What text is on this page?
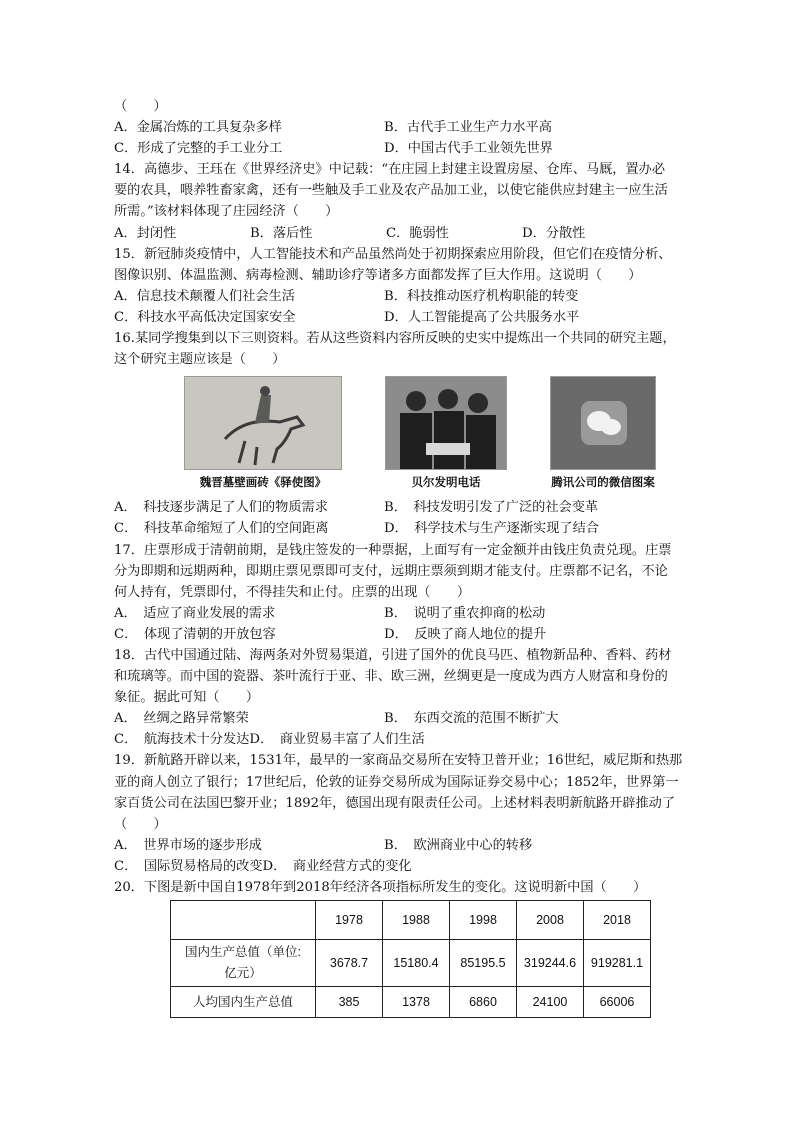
（　　）
A．金属冶炼的工具复杂多样	B．古代手工业生产力水平高
C．形成了完整的手工业分工	D．中国古代手工业领先世界
14．高德步、王珏在《世界经济史》中记载：“在庄园上封建主设置房屋、仓库、马厩，置办必
要的农具，喂养牲畜家禽，还有一些触及手工业及农产品加工业，以使它能供应封建主一应生活
所需。”该材料体现了庄园经济（　　）
A．封闭性	B．落后性	C．脆弱性	D．分散性
15．新冠肺炎疫情中，人工智能技术和产品虽然尚处于初期探索应用阶段，但它们在疫情分析、
图像识别、体温监测、病毒检测、辅助诊疗等诸多方面都发挥了巨大作用。这说明（　　）
A．信息技术颠覆人们社会生活	B．科技推动医疗机构职能的转变
C．科技水平高低决定国家安全	D．人工智能提高了公共服务水平
16.某同学搜集到以下三则资料。若从这些资料内容所反映的史实中提炼出一个共同的研究主题，
这个研究主题应该是（　　）
魏晋墓壁画砖《驿使图》	贝尔发明电话	腾讯公司的微信图案
A．　科技逐步满足了人们的物质需求	B．　科技发明引发了广泛的社会变革
C．　科技革命缩短了人们的空间距离	D．　科学技术与生产逐渐实现了结合
17．庄票形成于清朝前期，是钱庄签发的一种票据，上面写有一定金额并由钱庄负责兑现。庄票
分为即期和远期两种，即期庄票见票即可支付，远期庄票须到期才能支付。庄票都不记名，不论
何人持有，凭票即付，不得挂失和止付。庄票的出现（　　）
A．　适应了商业发展的需求	B．　说明了重农抑商的松动
C．　体现了清朝的开放包容	D．　反映了商人地位的提升
18．古代中国通过陆、海两条对外贸易渠道，引进了国外的优良马匹、植物新品种、香料、药材
和琉璃等。而中国的瓷器、茶叶流行于亚、非、欧三洲，丝绸更是一度成为西方人财富和身份的
象征。据此可知（　　）
A．　丝绸之路异常繁荣	B．　东西交流的范围不断扩大
C．　航海技术十分发达D．　商业贸易丰富了人们生活
19．新航路开辟以来，1531年，最早的一家商品交易所在安特卫普开业；16世纪，威尼斯和热那
亚的商人创立了银行；17世纪后，伦敦的证券交易所成为国际证券交易中心；1852年，世界第一
家百货公司在法国巴黎开业；1892年，德国出现有限责任公司。上述材料表明新航路开辟推动了
（　　）
A．　世界市场的逐步形成	B．　欧洲商业中心的转移
C．　国际贸易格局的改变D．　商业经营方式的变化
20．下图是新中国自1978年到2018年经济各项指标所发生的变化。这说明新中国（　　）
	1978	1988	1998	2008	2018

国内生产总值（单位:
亿元）	3678.7	15180.4	85195.5	319244.6	919281.1
人均国内生产总值	385	1378	6860	24100	66006
